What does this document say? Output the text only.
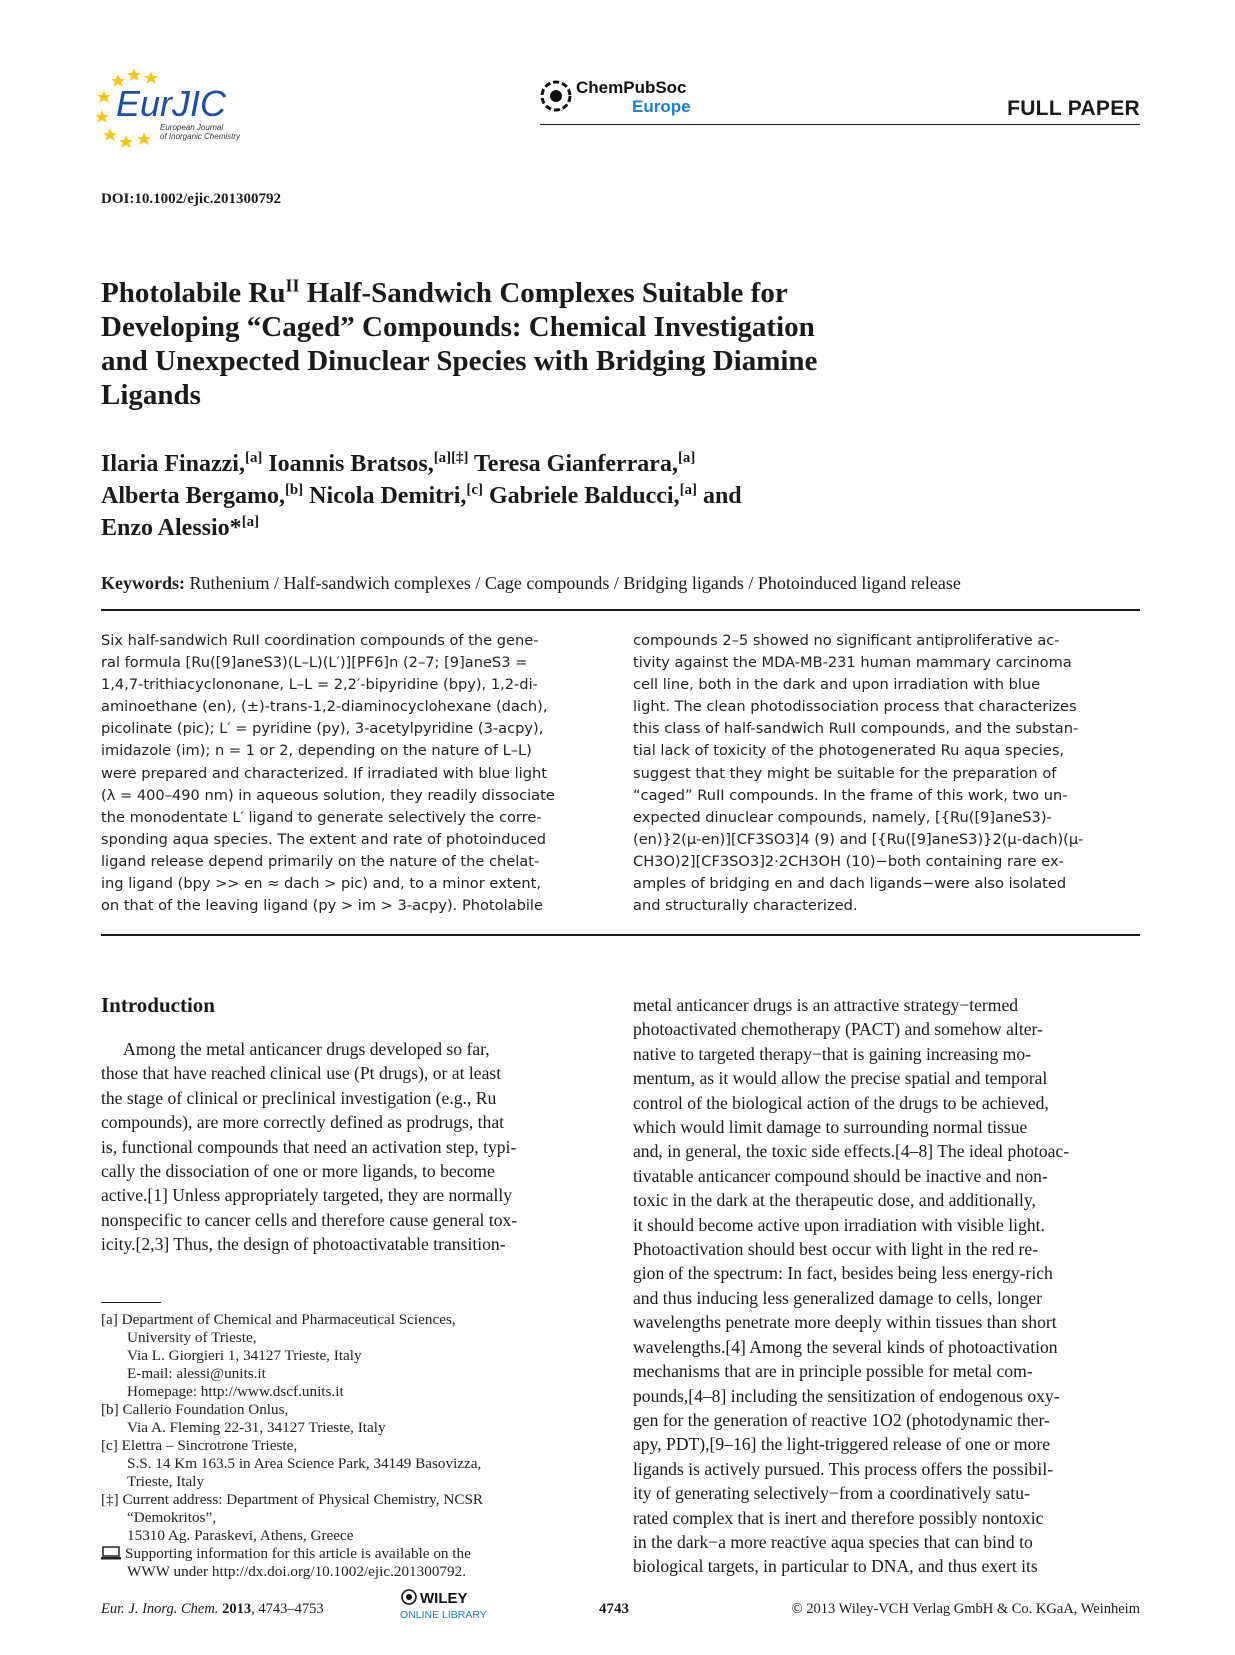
EurJIC
European Journal
of Inorganic Chemistry
ChemPubSoc
Europe	FULL PAPER
DOI:10.1002/ejic.201300792
Photolabile $Ru^{II}$ Half-Sandwich Complexes Suitable for
Developing “Caged” Compounds: Chemical Investigation
and Unexpected Dinuclear Species with Bridging Diamine
Ligands
Ilaria Finazzi,[a] Ioannis Bratsos,[a][‡] Teresa Gianferrara,[a]
Alberta Bergamo,[b] Nicola Demitri,[c] Gabriele Balducci,[a] and
Enzo Alessio*[a]
Keywords: Ruthenium / Half-sandwich complexes / Cage compounds / Bridging ligands / Photoinduced ligand release
Six half-sandwich RuII coordination compounds of the gene-
ral formula [Ru([9]aneS3)(L–L)(L′)][PF6]n (2–7; [9]aneS3 =
1,4,7-trithiacyclononane, L–L = 2,2′-bipyridine (bpy), 1,2-di-
aminoethane (en), (±)-trans-1,2-diaminocyclohexane (dach),
picolinate (pic); L′ = pyridine (py), 3-acetylpyridine (3-acpy),
imidazole (im); n = 1 or 2, depending on the nature of L–L)
were prepared and characterized. If irradiated with blue light
(λ = 400–490 nm) in aqueous solution, they readily dissociate
the monodentate L′ ligand to generate selectively the corre-
sponding aqua species. The extent and rate of photoinduced
ligand release depend primarily on the nature of the chelat-
ing ligand (bpy >> en ≈ dach > pic) and, to a minor extent,
on that of the leaving ligand (py > im > 3-acpy). Photolabile
compounds 2–5 showed no significant antiproliferative ac-
tivity against the MDA-MB-231 human mammary carcinoma
cell line, both in the dark and upon irradiation with blue
light. The clean photodissociation process that characterizes
this class of half-sandwich RuII compounds, and the substan-
tial lack of toxicity of the photogenerated Ru aqua species,
suggest that they might be suitable for the preparation of
“caged” RuII compounds. In the frame of this work, two un-
expected dinuclear compounds, namely, [{Ru([9]aneS3)-
(en)}2(μ-en)][CF3SO3]4 (9) and [{Ru([9]aneS3)}2(μ-dach)(μ-
CH3O)2][CF3SO3]2·2CH3OH (10)−both containing rare ex-
amples of bridging en and dach ligands−were also isolated
and structurally characterized.
Introduction
Among the metal anticancer drugs developed so far,
those that have reached clinical use (Pt drugs), or at least
the stage of clinical or preclinical investigation (e.g., Ru
compounds), are more correctly defined as prodrugs, that
is, functional compounds that need an activation step, typi-
cally the dissociation of one or more ligands, to become
active.[1] Unless appropriately targeted, they are normally
nonspecific to cancer cells and therefore cause general tox-
icity.[2,3] Thus, the design of photoactivatable transition-
metal anticancer drugs is an attractive strategy−termed
photoactivated chemotherapy (PACT) and somehow alter-
native to targeted therapy−that is gaining increasing mo-
mentum, as it would allow the precise spatial and temporal
control of the biological action of the drugs to be achieved,
which would limit damage to surrounding normal tissue
and, in general, the toxic side effects.[4–8] The ideal photoac-
tivatable anticancer compound should be inactive and non-
toxic in the dark at the therapeutic dose, and additionally,
it should become active upon irradiation with visible light.
Photoactivation should best occur with light in the red re-
gion of the spectrum: In fact, besides being less energy-rich
and thus inducing less generalized damage to cells, longer
wavelengths penetrate more deeply within tissues than short
wavelengths.[4] Among the several kinds of photoactivation
mechanisms that are in principle possible for metal com-
pounds,[4–8] including the sensitization of endogenous oxy-
gen for the generation of reactive 1O2 (photodynamic ther-
apy, PDT),[9–16] the light-triggered release of one or more
ligands is actively pursued. This process offers the possibil-
ity of generating selectively−from a coordinatively satu-
rated complex that is inert and therefore possibly nontoxic
in the dark−a more reactive aqua species that can bind to
biological targets, in particular to DNA, and thus exert its
[a] Department of Chemical and Pharmaceutical Sciences,
University of Trieste,
Via L. Giorgieri 1, 34127 Trieste, Italy
E-mail: alessi@units.it
Homepage: http://www.dscf.units.it
[b] Callerio Foundation Onlus,
Via A. Fleming 22-31, 34127 Trieste, Italy
[c] Elettra – Sincrotrone Trieste,
S.S. 14 Km 163.5 in Area Science Park, 34149 Basovizza,
Trieste, Italy
[‡] Current address: Department of Physical Chemistry, NCSR
“Demokritos”,
15310 Ag. Paraskevi, Athens, Greece
Supporting information for this article is available on the
WWW under http://dx.doi.org/10.1002/ejic.201300792.
Eur. J. Inorg. Chem. 2013, 4743–4753
WILEY
ONLINE LIBRARY	4743	© 2013 Wiley-VCH Verlag GmbH & Co. KGaA, Weinheim
